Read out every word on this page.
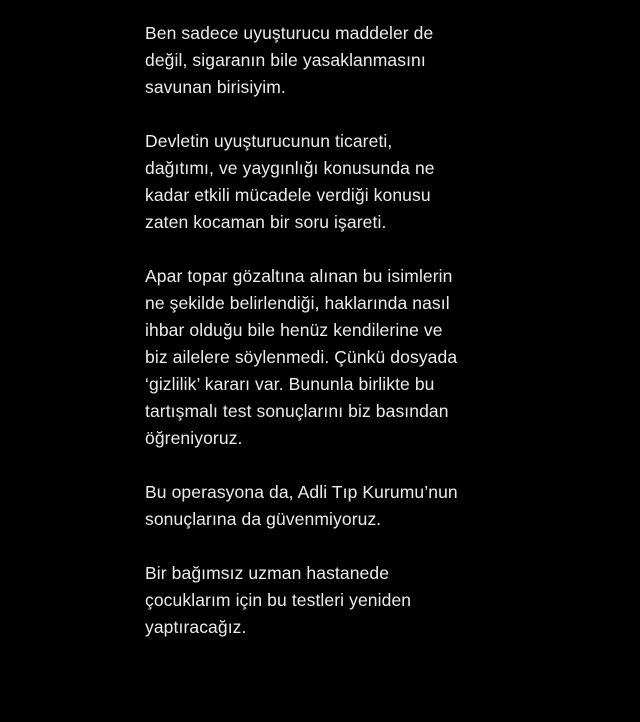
Ben sadece uyuşturucu maddeler de
değil, sigaranın bile yasaklanmasını
savunan birisiyim.

Devletin uyuşturucunun ticareti,
dağıtımı, ve yaygınlığı konusunda ne
kadar etkili mücadele verdiği konusu
zaten kocaman bir soru işareti.

Apar topar gözaltına alınan bu isimlerin
ne şekilde belirlendiği, haklarında nasıl
ihbar olduğu bile henüz kendilerine ve
biz ailelere söylenmedi. Çünkü dosyada
‘gizlilik’ kararı var. Bununla birlikte bu
tartışmalı test sonuçlarını biz basından
öğreniyoruz.

Bu operasyona da, Adli Tıp Kurumu’nun
sonuçlarına da güvenmiyoruz.

Bir bağımsız uzman hastanede
çocuklarım için bu testleri yeniden
yaptıracağız.
